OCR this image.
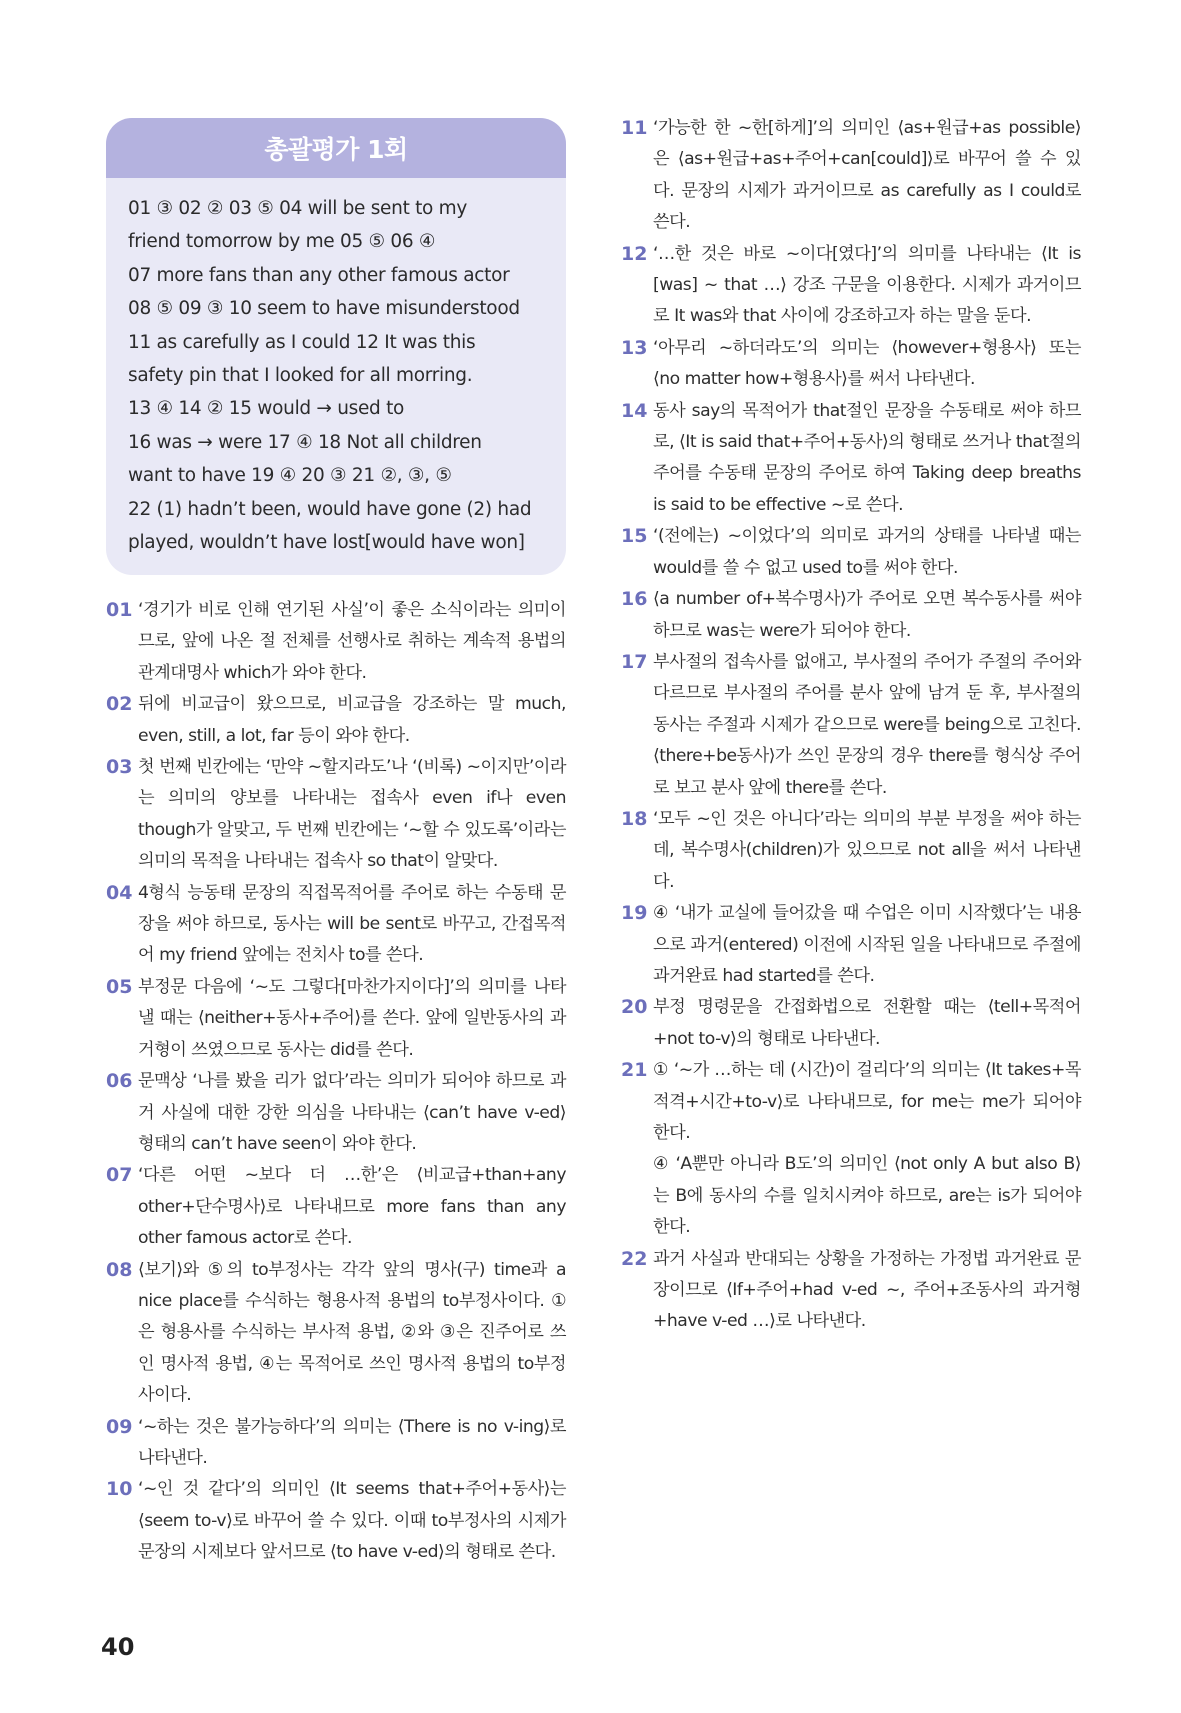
총괄평가 1회
01 ③ 02 ② 03 ⑤ 04 will be sent to my
friend tomorrow by me 05 ⑤ 06 ④
07 more fans than any other famous actor
08 ⑤ 09 ③ 10 seem to have misunderstood
11 as carefully as I could 12 It was this
safety pin that I looked for all morring.
13 ④ 14 ② 15 would → used to
16 was → were 17 ④ 18 Not all children
want to have 19 ④ 20 ③ 21 ②, ③, ⑤
22 (1) hadn’t been, would have gone (2) had
played, wouldn’t have lost[would have won]
01 ‘경기가 비로 인해 연기된 사실’이 좋은 소식이라는 의미이므로, 앞에 나온 절 전체를 선행사로 취하는 계속적 용법의 관계대명사 which가 와야 한다.
02 뒤에 비교급이 왔으므로, 비교급을 강조하는 말 much, even, still, a lot, far 등이 와야 한다.
03 첫 번째 빈칸에는 ‘만약 ~할지라도’나 ‘(비록) ~이지만’이라는 의미의 양보를 나타내는 접속사 even if나 even though가 알맞고, 두 번째 빈칸에는 ‘~할 수 있도록’이라는 의미의 목적을 나타내는 접속사 so that이 알맞다.
04 4형식 능동태 문장의 직접목적어를 주어로 하는 수동태 문장을 써야 하므로, 동사는 will be sent로 바꾸고, 간접목적어 my friend 앞에는 전치사 to를 쓴다.
05 부정문 다음에 ‘~도 그렇다[마찬가지이다]’의 의미를 나타낼 때는 ⟨neither+동사+주어⟩를 쓴다. 앞에 일반동사의 과거형이 쓰였으므로 동사는 did를 쓴다.
06 문맥상 ‘나를 봤을 리가 없다’라는 의미가 되어야 하므로 과거 사실에 대한 강한 의심을 나타내는 ⟨can’t have v-ed⟩ 형태의 can’t have seen이 와야 한다.
07 ‘다른 어떤 ~보다 더 …한’은 ⟨비교급+than+any other+단수명사⟩로 나타내므로 more fans than any other famous actor로 쓴다.
08 ⟨보기⟩와 ⑤의 to부정사는 각각 앞의 명사(구) time과 a nice place를 수식하는 형용사적 용법의 to부정사이다. ①은 형용사를 수식하는 부사적 용법, ②와 ③은 진주어로 쓰인 명사적 용법, ④는 목적어로 쓰인 명사적 용법의 to부정사이다.
09 ‘~하는 것은 불가능하다’의 의미는 ⟨There is no v-ing⟩로 나타낸다.
10 ‘~인 것 같다’의 의미인 ⟨It seems that+주어+동사⟩는 ⟨seem to-v⟩로 바꾸어 쓸 수 있다. 이때 to부정사의 시제가 문장의 시제보다 앞서므로 ⟨to have v-ed⟩의 형태로 쓴다.
11 ‘가능한 한 ~한[하게]’의 의미인 ⟨as+원급+as possible⟩은 ⟨as+원급+as+주어+can[could]⟩로 바꾸어 쓸 수 있다. 문장의 시제가 과거이므로 as carefully as I could로 쓴다.
12 ‘…한 것은 바로 ~이다[였다]’의 의미를 나타내는 ⟨It is [was] ~ that …⟩ 강조 구문을 이용한다. 시제가 과거이므로 It was와 that 사이에 강조하고자 하는 말을 둔다.
13 ‘아무리 ~하더라도’의 의미는 ⟨however+형용사⟩ 또는 ⟨no matter how+형용사⟩를 써서 나타낸다.
14 동사 say의 목적어가 that절인 문장을 수동태로 써야 하므로, ⟨It is said that+주어+동사⟩의 형태로 쓰거나 that절의 주어를 수동태 문장의 주어로 하여 Taking deep breaths is said to be effective ~로 쓴다.
15 ‘(전에는) ~이었다’의 의미로 과거의 상태를 나타낼 때는 would를 쓸 수 없고 used to를 써야 한다.
16 ⟨a number of+복수명사⟩가 주어로 오면 복수동사를 써야 하므로 was는 were가 되어야 한다.
17 부사절의 접속사를 없애고, 부사절의 주어가 주절의 주어와 다르므로 부사절의 주어를 분사 앞에 남겨 둔 후, 부사절의 동사는 주절과 시제가 같으므로 were를 being으로 고친다. ⟨there+be동사⟩가 쓰인 문장의 경우 there를 형식상 주어로 보고 분사 앞에 there를 쓴다.
18 ‘모두 ~인 것은 아니다’라는 의미의 부분 부정을 써야 하는데, 복수명사(children)가 있으므로 not all을 써서 나타낸다.
19 ④ ‘내가 교실에 들어갔을 때 수업은 이미 시작했다’는 내용으로 과거(entered) 이전에 시작된 일을 나타내므로 주절에 과거완료 had started를 쓴다.
20 부정 명령문을 간접화법으로 전환할 때는 ⟨tell+목적어+not to-v⟩의 형태로 나타낸다.
21 ① ‘~가 …하는 데 (시간)이 걸리다’의 의미는 ⟨It takes+목적격+시간+to-v⟩로 나타내므로, for me는 me가 되어야 한다.
④ ‘A뿐만 아니라 B도’의 의미인 ⟨not only A but also B⟩는 B에 동사의 수를 일치시켜야 하므로, are는 is가 되어야 한다.
22 과거 사실과 반대되는 상황을 가정하는 가정법 과거완료 문장이므로 ⟨If+주어+had v-ed ~, 주어+조동사의 과거형+have v-ed …⟩로 나타낸다.
40
